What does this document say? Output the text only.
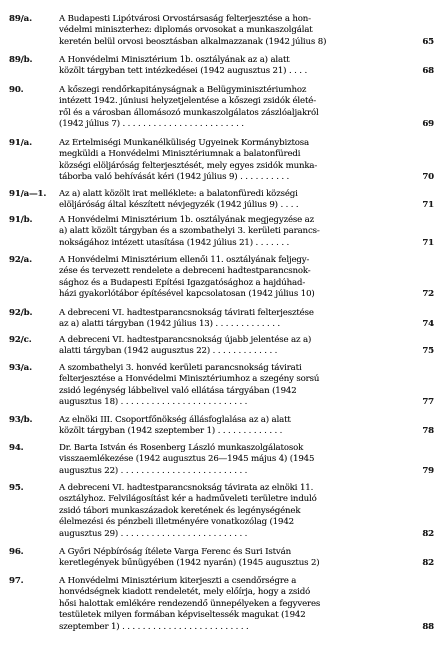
89/a.	A Budapesti Lipótvárosi Orvostársaság felterjesztése a hon-
védelmi miniszterhez: diplomás orvosokat a munkaszolgálat
keretén belül orvosi beosztásban alkalmazzanak (1942 július 8)	65
89/b.	A Honvédelmi Minisztérium 1b. osztályának az a) alatt
közölt tárgyban tett intézkedései (1942 augusztus 21) . . . .	68
90.	A kőszegi rendőrkapitányságnak a Belügyminisztériumhoz
intézett 1942. júniusi helyzetjelentése a kőszegi zsidók életé-
ről és a városban állomásozó munkaszolgálatos zászlóaljakról
(1942 július 7) . . . . . . . . . . . . . . . . . . . . . . . .	69
91/a.	Az Értelmiségi Munkanélküliség Ügyeinek Kormánybiztosa
megküldi a Honvédelmi Minisztériumnak a balatonfüredi
községi elöljáróság felterjesztését, mely egyes zsidók munka-
táborba való behívását kéri (1942 július 9) . . . . . . . . . .	70
91/a—1.	Az a) alatt közölt irat melléklete: a balatonfüredi községi
elöljáróság által készített névjegyzék (1942 július 9) . . . .	71
91/b.	A Honvédelmi Minisztérium 1b. osztályának megjegyzése az
a) alatt közölt tárgyban és a szombathelyi 3. kerületi parancs-
nokságához intézett utasítása (1942 július 21) . . . . . . .	71
92/a.	A Honvédelmi Minisztérium ellenői 11. osztályának feljegy-
zése és tervezett rendelete a debreceni hadtestparancsnok-
sághoz és a Budapesti Építési Igazgatósághoz a hajdúhad-
házi gyakorlótábor építésével kapcsolatosan (1942 július 10)	72
92/b.	A debreceni VI. hadtestparancsnokság távirati felterjesztése
az a) alatti tárgyban (1942 július 13) . . . . . . . . . . . . .	74
92/c.	A debreceni VI. hadtestparancsnokság újabb jelentése az a)
alatti tárgyban (1942 augusztus 22) . . . . . . . . . . . . .	75
93/a.	A szombathelyi 3. honvéd kerületi parancsnokság távirati
felterjesztése a Honvédelmi Minisztériumhoz a szegény sorsú
zsidó legénység lábbelivel való ellátása tárgyában (1942
augusztus 18) . . . . . . . . . . . . . . . . . . . . . . . . .	77
93/b.	Az elnöki III. Csoportfőnökség állásfoglalása az a) alatt
közölt tárgyban (1942 szeptember 1) . . . . . . . . . . . . .	78
94.	Dr. Barta István és Rosenberg László munkaszolgálatosok
visszaemlékezése (1942 augusztus 26—1945 május 4) (1945
augusztus 22) . . . . . . . . . . . . . . . . . . . . . . . . .	79
95.	A debreceni VI. hadtestparancsnokság távirata az elnöki 11.
osztályhoz. Felvilágosítást kér a hadműveleti területre induló
zsidó tábori munkaszázadok keretének és legénységének
élelmezési és pénzbeli illetményére vonatkozólag (1942
augusztus 29) . . . . . . . . . . . . . . . . . . . . . . . . .	82
96.	A Győri Népbíróság ítélete Varga Ferenc és Suri István
keretlegények bűnügyében (1942 nyarán) (1945 augusztus 2)	82
97.	A Honvédelmi Minisztérium kiterjeszti a csendőrségre a
honvédségnek kiadott rendeletét, mely előírja, hogy a zsidó
hősi halottak emlékére rendezendő ünnepélyeken a fegyveres
testületek milyen formában képviseltessék magukat (1942
szeptember 1) . . . . . . . . . . . . . . . . . . . . . . . . .	88
